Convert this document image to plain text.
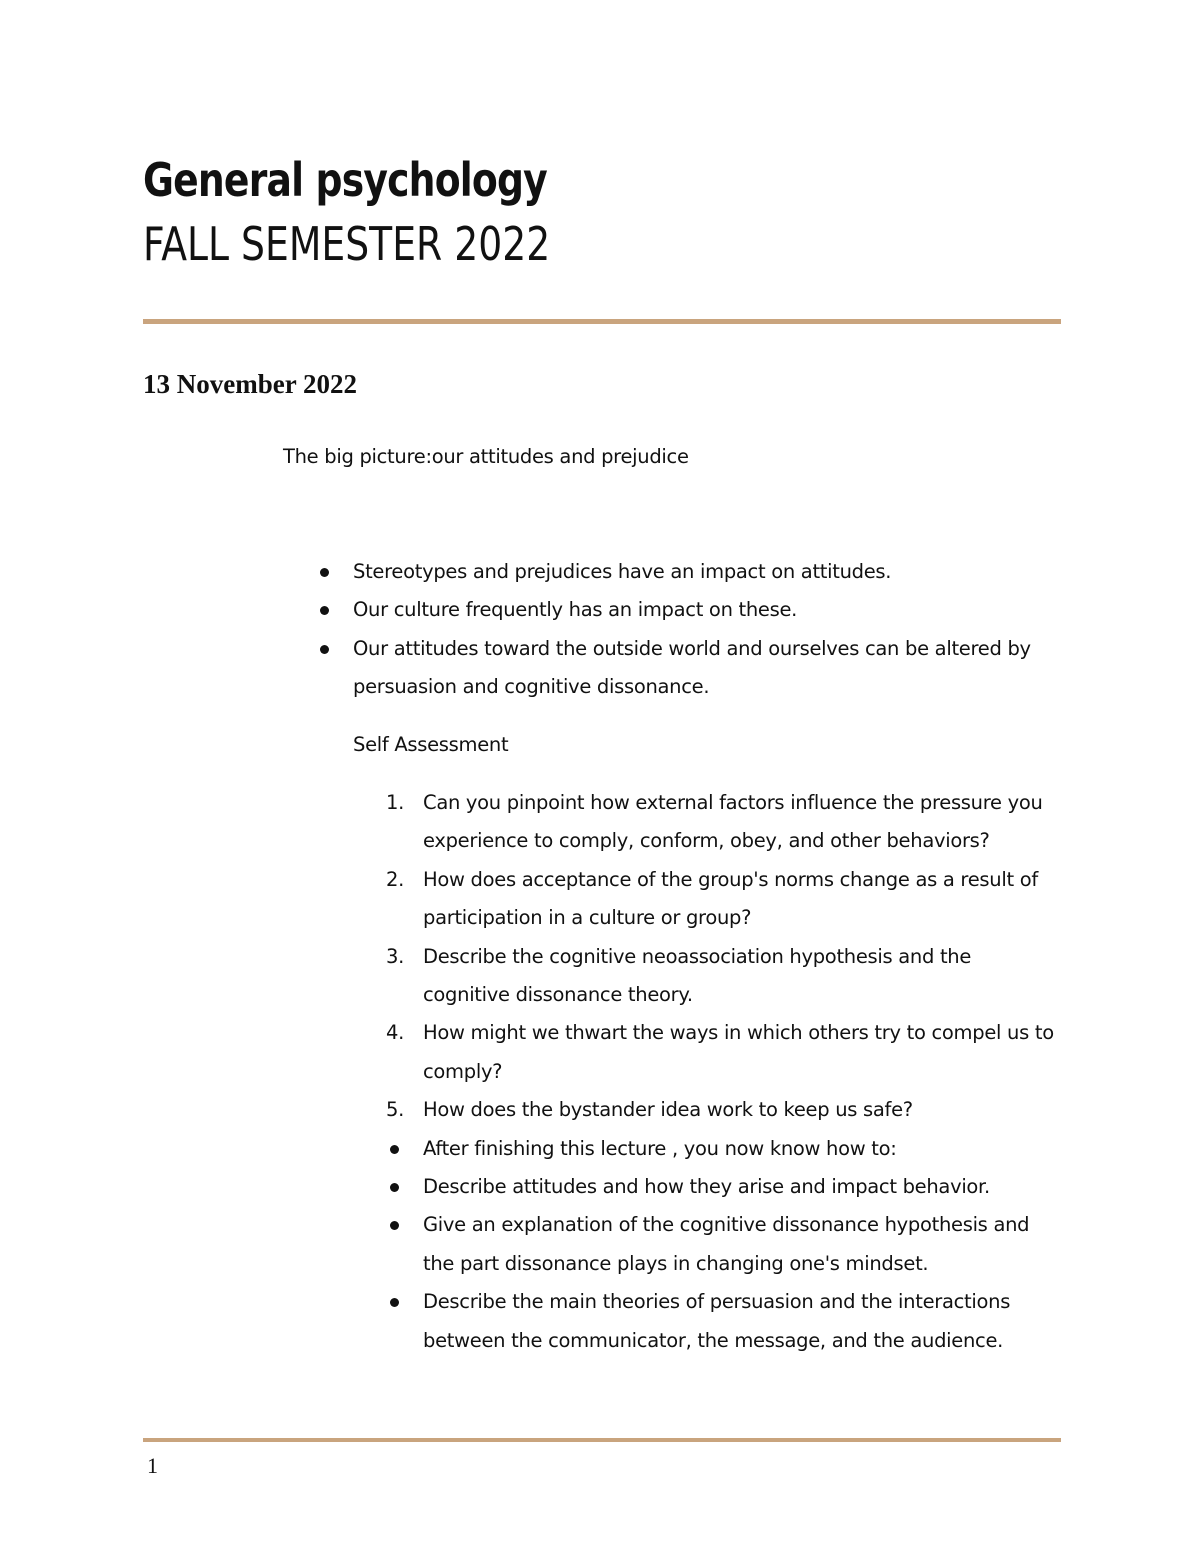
General psychology
FALL SEMESTER 2022
13 November 2022
The big picture:our attitudes and prejudice
Stereotypes and prejudices have an impact on attitudes.
Our culture frequently has an impact on these.
Our attitudes toward the outside world and ourselves can be altered by persuasion and cognitive dissonance.
Self Assessment
1. Can you pinpoint how external factors influence the pressure you experience to comply, conform, obey, and other behaviors?
2. How does acceptance of the group's norms change as a result of participation in a culture or group?
3. Describe the cognitive neoassociation hypothesis and the cognitive dissonance theory.
4. How might we thwart the ways in which others try to compel us to comply?
5. How does the bystander idea work to keep us safe?
After finishing this lecture , you now know how to:
Describe attitudes and how they arise and impact behavior.
Give an explanation of the cognitive dissonance hypothesis and the part dissonance plays in changing one's mindset.
Describe the main theories of persuasion and the interactions between the communicator, the message, and the audience.
1
